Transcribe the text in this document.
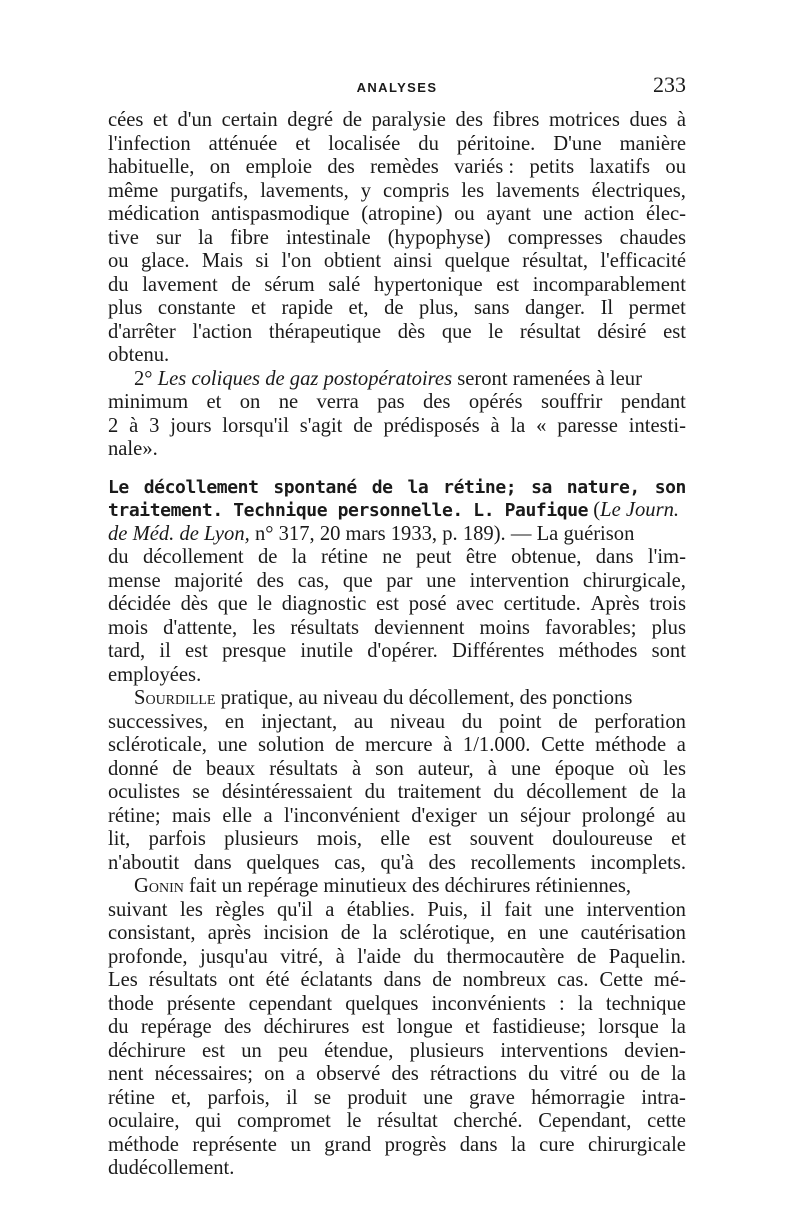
ANALYSES	233
cées et d'un certain degré de paralysie des fibres motrices dues à
l'infection atténuée et localisée du péritoine. D'une manière
habituelle, on emploie des remèdes variés : petits laxatifs ou
même purgatifs, lavements, y compris les lavements électriques,
médication antispasmodique (atropine) ou ayant une action élec-
tive sur la fibre intestinale (hypophyse) compresses chaudes
ou glace. Mais si l'on obtient ainsi quelque résultat, l'efficacité
du lavement de sérum salé hypertonique est incomparablement
plus constante et rapide et, de plus, sans danger. Il permet
d'arrêter l'action thérapeutique dès que le résultat désiré est
obtenu.
2° Les coliques de gaz postopératoires seront ramenées à leur
minimum et on ne verra pas des opérés souffrir pendant
2 à 3 jours lorsqu'il s'agit de prédisposés à la « paresse intesti-
nale ».
Le décollement spontané de la rétine; sa nature, son
traitement. Technique personnelle. L. Paufique (Le Journ.
de Méd. de Lyon, n° 317, 20 mars 1933, p. 189). — La guérison
du décollement de la rétine ne peut être obtenue, dans l'im-
mense majorité des cas, que par une intervention chirurgicale,
décidée dès que le diagnostic est posé avec certitude. Après trois
mois d'attente, les résultats deviennent moins favorables; plus
tard, il est presque inutile d'opérer. Différentes méthodes sont
employées.
Sourdille pratique, au niveau du décollement, des ponctions
successives, en injectant, au niveau du point de perforation
scléroticale, une solution de mercure à 1/1.000. Cette méthode a
donné de beaux résultats à son auteur, à une époque où les
oculistes se désintéressaient du traitement du décollement de la
rétine; mais elle a l'inconvénient d'exiger un séjour prolongé au
lit, parfois plusieurs mois, elle est souvent douloureuse et
n'aboutit dans quelques cas, qu'à des recollements incomplets.
Gonin fait un repérage minutieux des déchirures rétiniennes,
suivant les règles qu'il a établies. Puis, il fait une intervention
consistant, après incision de la sclérotique, en une cautérisation
profonde, jusqu'au vitré, à l'aide du thermocautère de Paquelin.
Les résultats ont été éclatants dans de nombreux cas. Cette mé-
thode présente cependant quelques inconvénients : la technique
du repérage des déchirures est longue et fastidieuse; lorsque la
déchirure est un peu étendue, plusieurs interventions devien-
nent nécessaires; on a observé des rétractions du vitré ou de la
rétine et, parfois, il se produit une grave hémorragie intra-
oculaire, qui compromet le résultat cherché. Cependant, cette
méthode représente un grand progrès dans la cure chirurgicale
du décollement.
